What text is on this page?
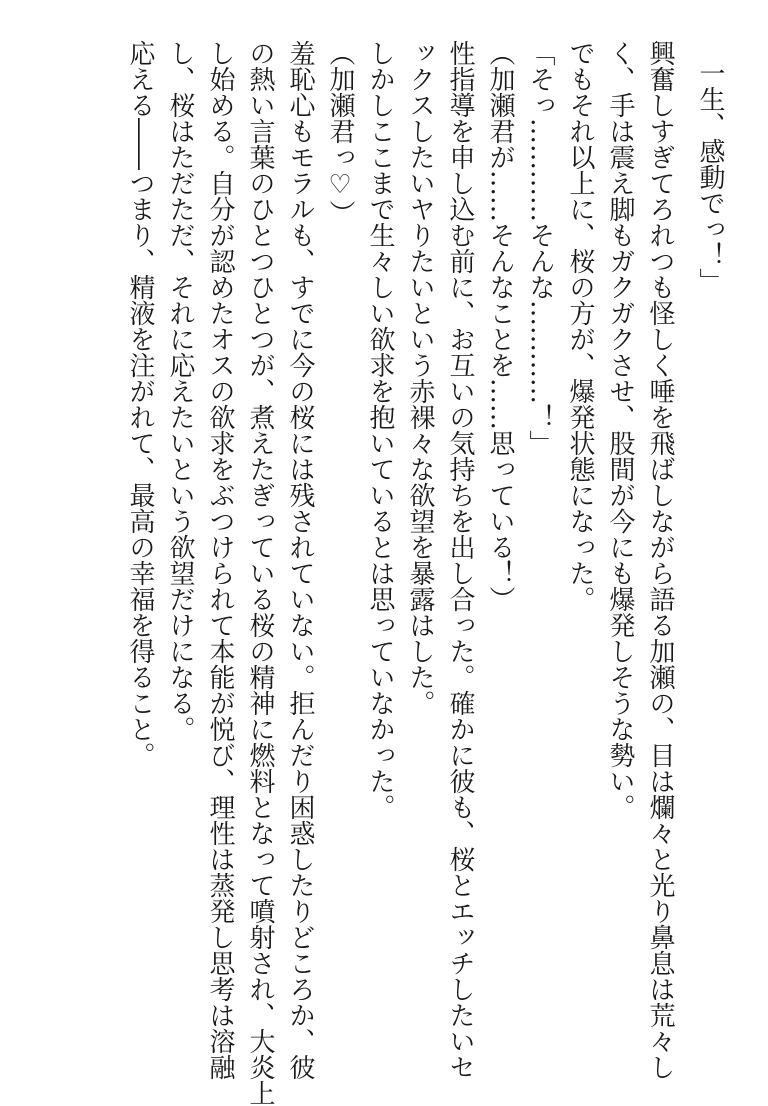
興奮しすぎてろれつも怪しく唾を飛ばしながら語る加瀬の、目は爛々と光り鼻息は荒々し
く、手は震え脚もガクガクさせ、股間が今にも爆発しそうな勢い。
でもそれ以上に、桜の方が、爆発状態になった。
「そっ…………そんな…………！」
（加瀬君が……そんなことを……思っている！）
性指導を申し込む前に、お互いの気持ちを出し合った。確かに彼も、桜とエッチしたいセ
ックスしたいヤりたいという赤裸々な欲望を暴露はした。
しかしここまで生々しい欲求を抱いているとは思っていなかった。
（加瀬君っ♡）
羞恥心もモラルも、すでに今の桜には残されていない。拒んだり困惑したりどころか、彼
の熱い言葉のひとつひとつが、煮えたぎっている桜の精神に燃料となって噴射され、大炎上
し始める。自分が認めたオスの欲求をぶつけられて本能が悦び、理性は蒸発し思考は溶融
し、桜はただただ、それに応えたいという欲望だけになる。
応える――つまり、精液を注がれて、最高の幸福を得ること。	一生、感動でっ！」
